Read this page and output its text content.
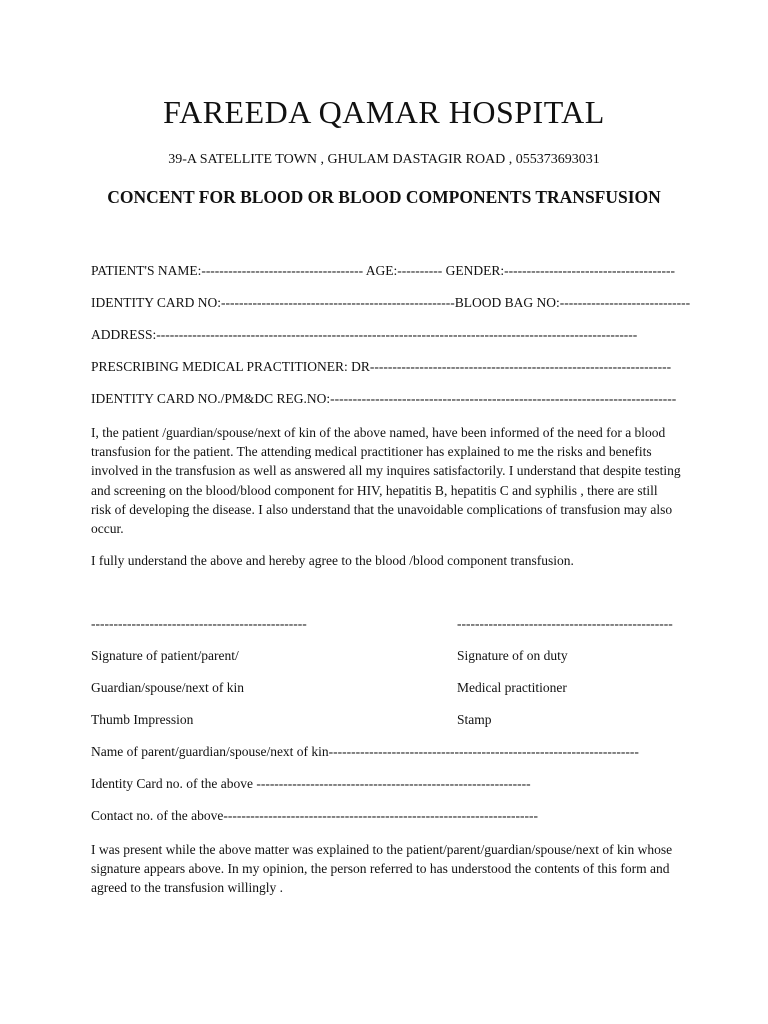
FAREEDA QAMAR HOSPITAL
39-A SATELLITE TOWN , GHULAM DASTAGIR ROAD , 055373693031
CONCENT FOR BLOOD OR BLOOD COMPONENTS TRANSFUSION
PATIENT'S NAME:------------------------------------ AGE:---------- GENDER:--------------------------------------
IDENTITY CARD NO:----------------------------------------------------BLOOD BAG NO:-----------------------------
ADDRESS:-----------------------------------------------------------------------------------------------------------
PRESCRIBING MEDICAL PRACTITIONER: DR-------------------------------------------------------------------
IDENTITY CARD NO./PM&DC REG.NO:-----------------------------------------------------------------------------
I, the patient /guardian/spouse/next of kin of the above named, have been informed of the need for a blood transfusion for the patient. The attending medical practitioner has explained to me the risks and benefits involved in the transfusion as well as answered all my inquires satisfactorily. I understand that despite testing and screening on the blood/blood component for HIV, hepatitis B, hepatitis C and syphilis , there are still risk of developing the disease. I also understand that the unavoidable complications of transfusion may also occur.
I fully understand the above and hereby agree to the blood /blood component transfusion.
------------------------------------------------	------------------------------------------------
Signature of patient/parent/	Signature of on duty
Guardian/spouse/next of kin	Medical practitioner
Thumb Impression	Stamp
Name of parent/guardian/spouse/next of kin---------------------------------------------------------------------
Identity Card no. of the above -------------------------------------------------------------
Contact no. of the above----------------------------------------------------------------------
I was present while the above matter was explained to the patient/parent/guardian/spouse/next of kin whose signature appears above. In my opinion, the person referred to has understood the contents of this form and agreed to the transfusion willingly .
